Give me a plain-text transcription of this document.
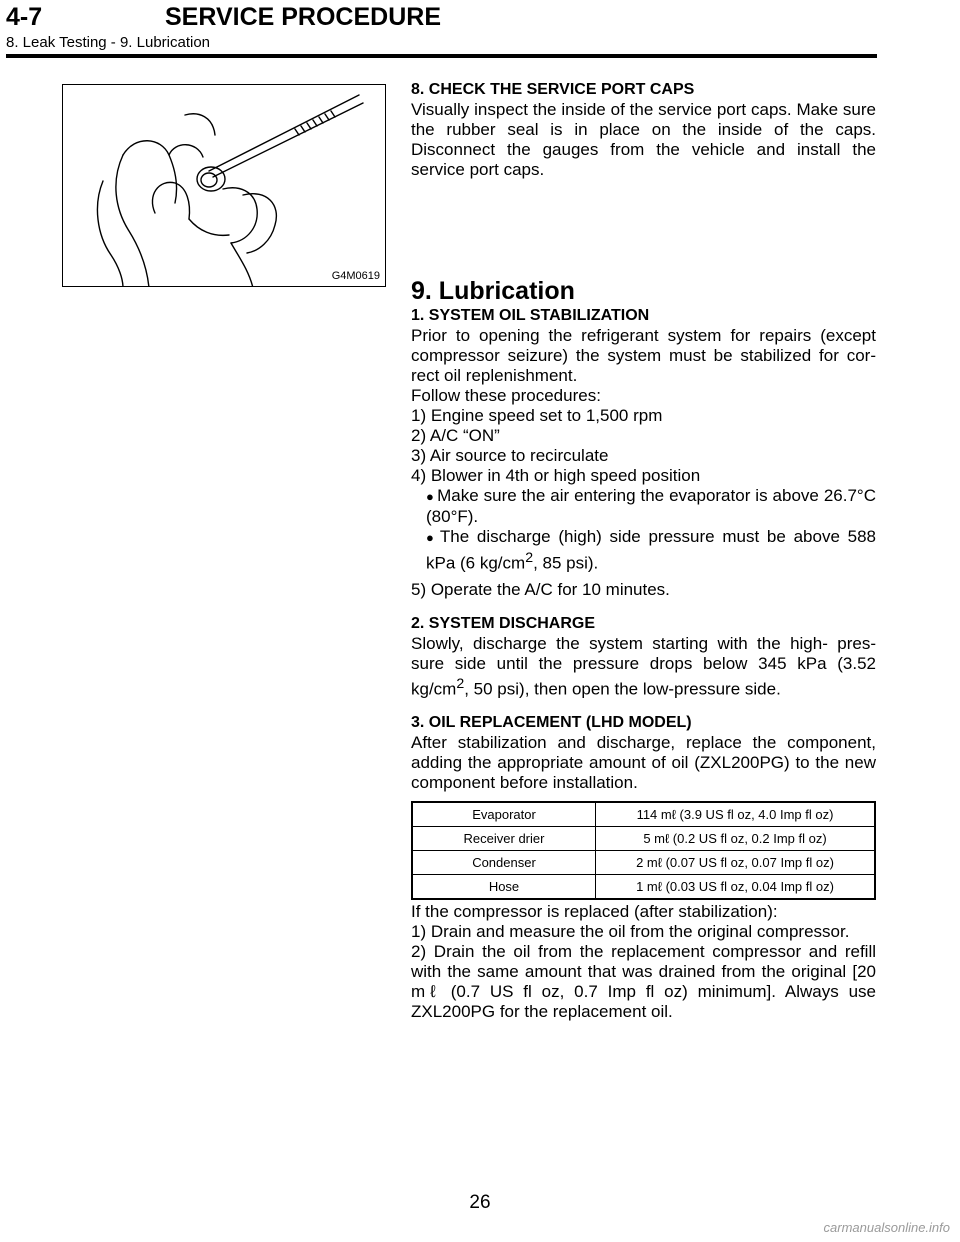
4-7	SERVICE PROCEDURE
8. Leak Testing - 9. Lubrication
G4M0619

8. CHECK THE SERVICE PORT CAPS

Visually inspect the inside of the service port caps. Make sure the rubber seal is in place on the inside of the caps. Disconnect the gauges from the vehicle and install the service port caps.

9. Lubrication

1. SYSTEM OIL STABILIZATION

Prior to opening the refrigerant system for repairs (except compressor seizure) the system must be stabilized for cor- rect oil replenishment.

Follow these procedures:

1) Engine speed set to 1,500 rpm

2) A/C “ON”

3) Air source to recirculate

4) Blower in 4th or high speed position

● Make sure the air entering the evaporator is above 26.7°C (80°F).

● The discharge (high) side pressure must be above 588 kPa (6 $kg/cm^2$, 85 psi).

5) Operate the A/C for 10 minutes.

2. SYSTEM DISCHARGE

Slowly, discharge the system starting with the high- pres- sure side until the pressure drops below 345 kPa (3.52 $kg/cm^2$, 50 psi), then open the low-pressure side.

3. OIL REPLACEMENT (LHD MODEL)

After stabilization and discharge, replace the component, adding the appropriate amount of oil (ZXL200PG) to the new component before installation.

Evaporator	114 mℓ (3.9 US fl oz, 4.0 Imp fl oz)
Receiver drier	5 mℓ (0.2 US fl oz, 0.2 Imp fl oz)
Condenser	2 mℓ (0.07 US fl oz, 0.07 Imp fl oz)
Hose	1 mℓ (0.03 US fl oz, 0.04 Imp fl oz)

If the compressor is replaced (after stabilization):

1) Drain and measure the oil from the original compressor.

2) Drain the oil from the replacement compressor and refill with the same amount that was drained from the original [20 mℓ (0.7 US fl oz, 0.7 Imp fl oz) minimum]. Always use ZXL200PG for the replacement oil.

26
carmanualsonline.info
